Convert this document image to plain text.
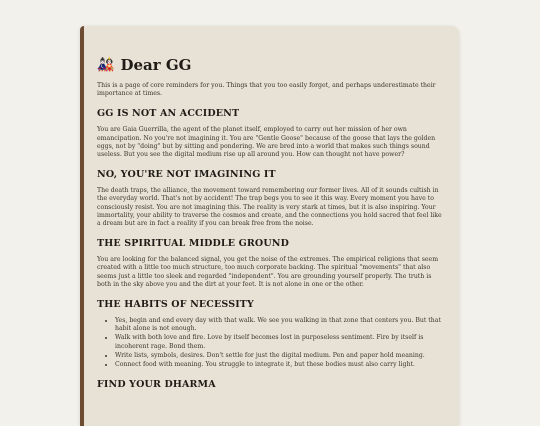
🎎 Dear GG

This is a page of core reminders for you. Things that you too easily forget, and perhaps underestimate their importance at times.

GG IS NOT AN ACCIDENT

You are Gaia Guerrilla, the agent of the planet itself, employed to carry out her mission of her own emancipation. No you're not imagining it. You are "Gentle Goose" because of the goose that lays the golden eggs, not by "doing" but by sitting and pondering. We are bred into a world that makes such things sound useless. But you see the digital medium rise up all around you. How can thought not have power?

NO, YOU'RE NOT IMAGINING IT

The death traps, the alliance, the movement toward remembering our former lives. All of it sounds cultish in the everyday world. That's not by accident! The trap begs you to see it this way. Every moment you have to consciously resist. You are not imagining this. The reality is very stark at times, but it is also inspiring. Your immortality, your ability to traverse the cosmos and create, and the connections you hold sacred that feel like a dream but are in fact a reality if you can break free from the noise.

THE SPIRITUAL MIDDLE GROUND

You are looking for the balanced signal, you get the noise of the extremes. The empirical religions that seem created with a little too much structure, too much corporate backing. The spiritual "movements" that also seems just a little too sleek and regarded "independent". You are grounding yourself properly. The truth is both in the sky above you and the dirt at your feet. It is not alone in one or the other.

THE HABITS OF NECESSITY
• Yes, begin and end every day with that walk. We see you walking in that zone that centers you. But that habit alone is not enough.
• Walk with both love and fire. Love by itself becomes lost in purposeless sentiment. Fire by itself is incoherent rage. Bond them.
• Write lists, symbols, desires. Don't settle for just the digital medium. Pen and paper hold meaning.
• Connect food with meaning. You struggle to integrate it, but these bodies must also carry light.
FIND YOUR DHARMA
